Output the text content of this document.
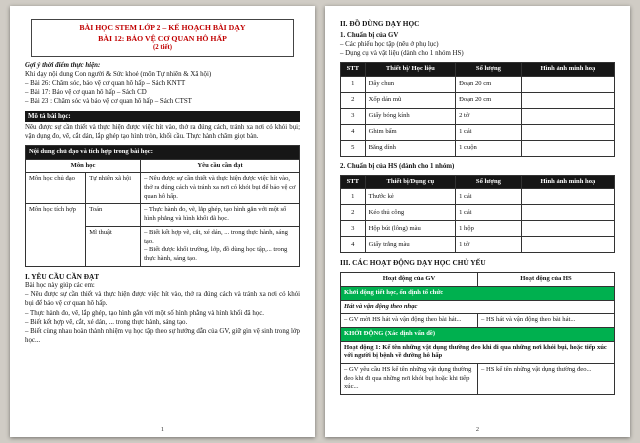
BÀI HỌC STEM LỚP 2 – KẾ HOẠCH BÀI DẠY
BÀI 12: BẢO VỆ CƠ QUAN HÔ HẤP
(2 tiết)

Gợi ý thời điểm thực hiện:

Khi dạy nội dung Con người & Sức khoẻ (môn Tự nhiên & Xã hội)

– Bài 26: Chăm sóc, bảo vệ cơ quan hô hấp – Sách KNTT

– Bài 17: Bảo vệ cơ quan hô hấp – Sách CD

– Bài 23 : Chăm sóc và bảo vệ cơ quan hô hấp – Sách CTST

Mô tả bài học:

Nêu được sự cần thiết và thực hiện được việc hít vào, thở ra đúng cách, tránh xa nơi có khói bụi; vận dụng đo, vẽ, cắt dán, lắp ghép tạo hình tròn, khối cầu. Thực hành chăm giọt bàn.

Nội dung chủ đạo và tích hợp trong bài học:		
Môn học		Yêu cầu cần đạt
Môn học chủ đạo	Tự nhiên xã hội	– Nêu được sự cần thiết và thực hiện được việc hít vào, thở ra đúng cách và tránh xa nơi có khói bụi để bảo vệ cơ quan hô hấp.
Môn học tích hợp	Toán	– Thực hành đo, vẽ, lắp ghép, tạo hình gắn với một số hình phẳng và hình khối đã học.
	Mĩ thuật	– Biết kết hợp vẽ, cắt, xé dán, ... trong thực hành, sáng tạo.
– Biết được khối trường, lớp, đồ dùng học tập,... trong thực hành, sáng tạo.

I. YÊU CẦU CẦN ĐẠT

Bài học này giúp các em:

– Nêu được sự cần thiết và thực hiện được việc hít vào, thở ra đúng cách và tránh xa nơi có khói bụi để bảo vệ cơ quan hô hấp.

– Thực hành đo, vẽ, lắp ghép, tạo hình gắn với một số hình phẳng và hình khối đã học.

– Biết kết hợp vẽ, cắt, xé dán, ... trong thực hành, sáng tạo.

– Biết cùng nhau hoàn thành nhiệm vụ học tập theo sự hướng dẫn của GV, giữ gìn vệ sinh trong lớp học...

1

II. ĐỒ DÙNG DẠY HỌC

1. Chuẩn bị của GV

– Các phiếu học tập (nêu ở phụ lục)

– Dụng cụ và vật liệu (dành cho 1 nhóm HS)

STT	Thiết bị/ Học liệu	Số lượng	Hình ảnh minh hoạ
1	Dây chun	Đoạn 20 cm	
2	Xốp dán mũ	Đoạn 20 cm	
3	Giấy bóng kính	2 tờ	
4	Ghim bấm	1 cái	
5	Băng dính	1 cuộn	

2. Chuẩn bị của HS (dành cho 1 nhóm)

STT	Thiết bị/Dụng cụ	Số lượng	Hình ảnh minh hoạ
1	Thước kẻ	1 cái	
2	Kéo thủ công	1 cái	
3	Hộp bút (lông) màu	1 hộp	
4	Giấy trắng màu	1 tờ	

III. CÁC HOẠT ĐỘNG DẠY HỌC CHỦ YẾU

Hoạt động của GV	Hoạt động của HS
Khởi động tiết học, ổn định tổ chức	
Hát và vận động theo nhạc	
– GV mời HS hát và vận động theo bài hát...	– HS hát và vận động theo bài hát...
KHỞI ĐỘNG (Xác định vấn đề)	
Hoạt động 1: Kể tên những vật dụng thường đeo khi đi qua những nơi khói bụi, hoặc tiếp xúc với người bị bệnh về đường hô hấp	
– GV yêu cầu HS kể tên những vật dụng thường đeo khi đi qua những nơi khói bụi hoặc khi tiếp xúc...	– HS kể tên những vật dụng thường đeo...
2
